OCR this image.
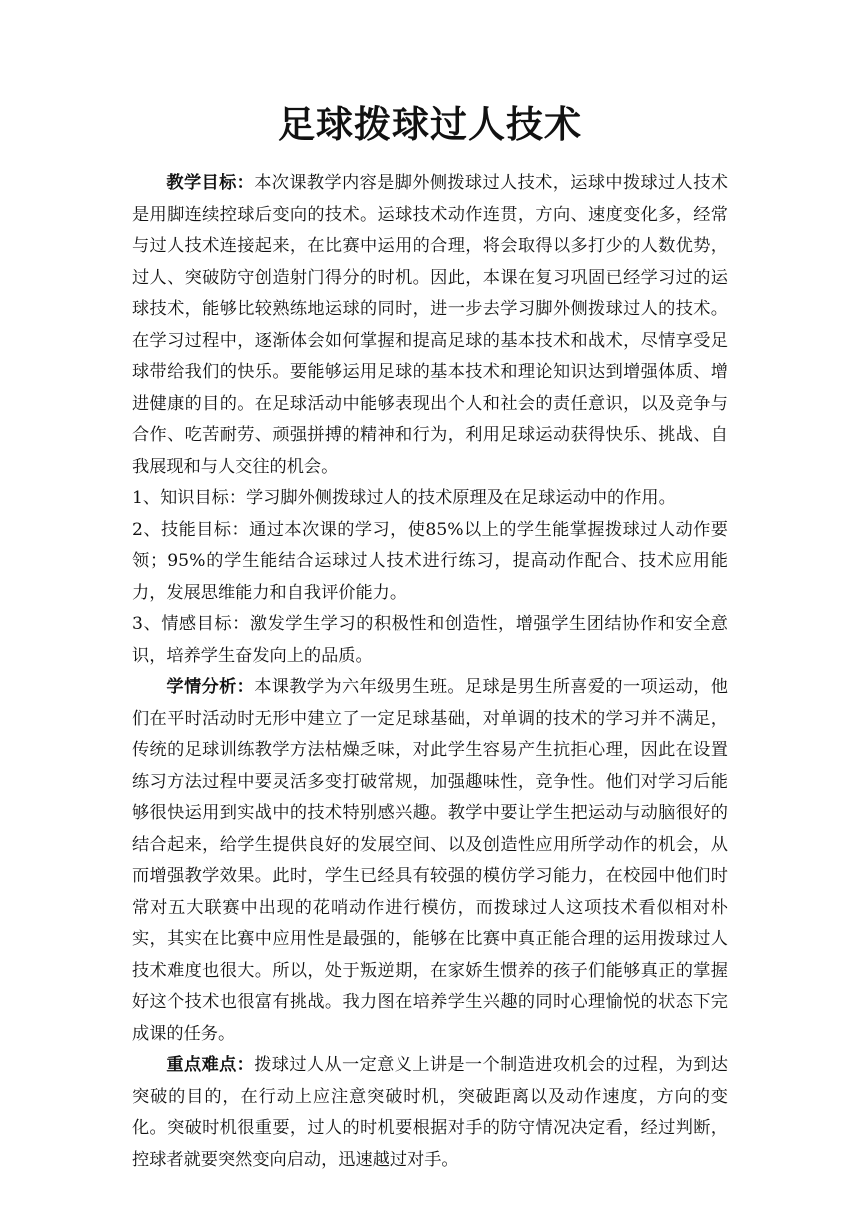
足球拨球过人技术

教学目标：本次课教学内容是脚外侧拨球过人技术，运球中拨球过人技术是用脚连续控球后变向的技术。运球技术动作连贯，方向、速度变化多，经常与过人技术连接起来，在比赛中运用的合理，将会取得以多打少的人数优势，过人、突破防守创造射门得分的时机。因此，本课在复习巩固已经学习过的运球技术，能够比较熟练地运球的同时，进一步去学习脚外侧拨球过人的技术。在学习过程中，逐渐体会如何掌握和提高足球的基本技术和战术，尽情享受足球带给我们的快乐。要能够运用足球的基本技术和理论知识达到增强体质、增进健康的目的。在足球活动中能够表现出个人和社会的责任意识，以及竞争与合作、吃苦耐劳、顽强拼搏的精神和行为，利用足球运动获得快乐、挑战、自我展现和与人交往的机会。

1、知识目标：学习脚外侧拨球过人的技术原理及在足球运动中的作用。

2、技能目标：通过本次课的学习，使85%以上的学生能掌握拨球过人动作要领；95%的学生能结合运球过人技术进行练习，提高动作配合、技术应用能力，发展思维能力和自我评价能力。

3、情感目标：激发学生学习的积极性和创造性，增强学生团结协作和安全意识，培养学生奋发向上的品质。

学情分析：本课教学为六年级男生班。足球是男生所喜爱的一项运动，他们在平时活动时无形中建立了一定足球基础，对单调的技术的学习并不满足，传统的足球训练教学方法枯燥乏味，对此学生容易产生抗拒心理，因此在设置练习方法过程中要灵活多变打破常规，加强趣味性，竞争性。他们对学习后能够很快运用到实战中的技术特别感兴趣。教学中要让学生把运动与动脑很好的结合起来，给学生提供良好的发展空间、以及创造性应用所学动作的机会，从而增强教学效果。此时，学生已经具有较强的模仿学习能力，在校园中他们时常对五大联赛中出现的花哨动作进行模仿，而拨球过人这项技术看似相对朴实，其实在比赛中应用性是最强的，能够在比赛中真正能合理的运用拨球过人技术难度也很大。所以，处于叛逆期，在家娇生惯养的孩子们能够真正的掌握好这个技术也很富有挑战。我力图在培养学生兴趣的同时心理愉悦的状态下完成课的任务。

重点难点：拨球过人从一定意义上讲是一个制造进攻机会的过程，为到达突破的目的，在行动上应注意突破时机，突破距离以及动作速度，方向的变化。突破时机很重要，过人的时机要根据对手的防守情况决定看，经过判断，控球者就要突然变向启动，迅速越过对手。
